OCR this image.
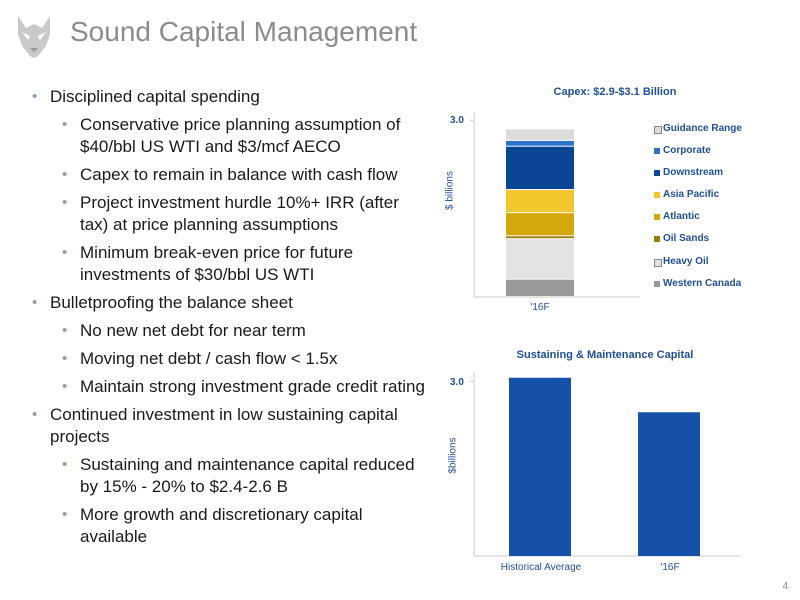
Sound Capital Management
• Disciplined capital spending
• Conservative price planning assumption of $40/bbl US WTI and $3/mcf AECO
• Capex to remain in balance with cash flow
• Project investment hurdle 10%+ IRR (after tax) at price planning assumptions
• Minimum break-even price for future investments of $30/bbl US WTI
• Bulletproofing the balance sheet
• No new net debt for near term
• Moving net debt / cash flow < 1.5x
• Maintain strong investment grade credit rating
• Continued investment in low sustaining capital projects
• Sustaining and maintenance capital reduced by 15% - 20% to $2.4-2.6 B
• More growth and discretionary capital available
Capex: $2.9-$3.1 Billion
$ billions
3.0
'16F
Guidance Range
Corporate
Downstream
Asia Pacific
Atlantic
Oil Sands
Heavy Oil
Western Canada
Sustaining & Maintenance Capital
$billions
3.0
Historical Average	'16F
4
